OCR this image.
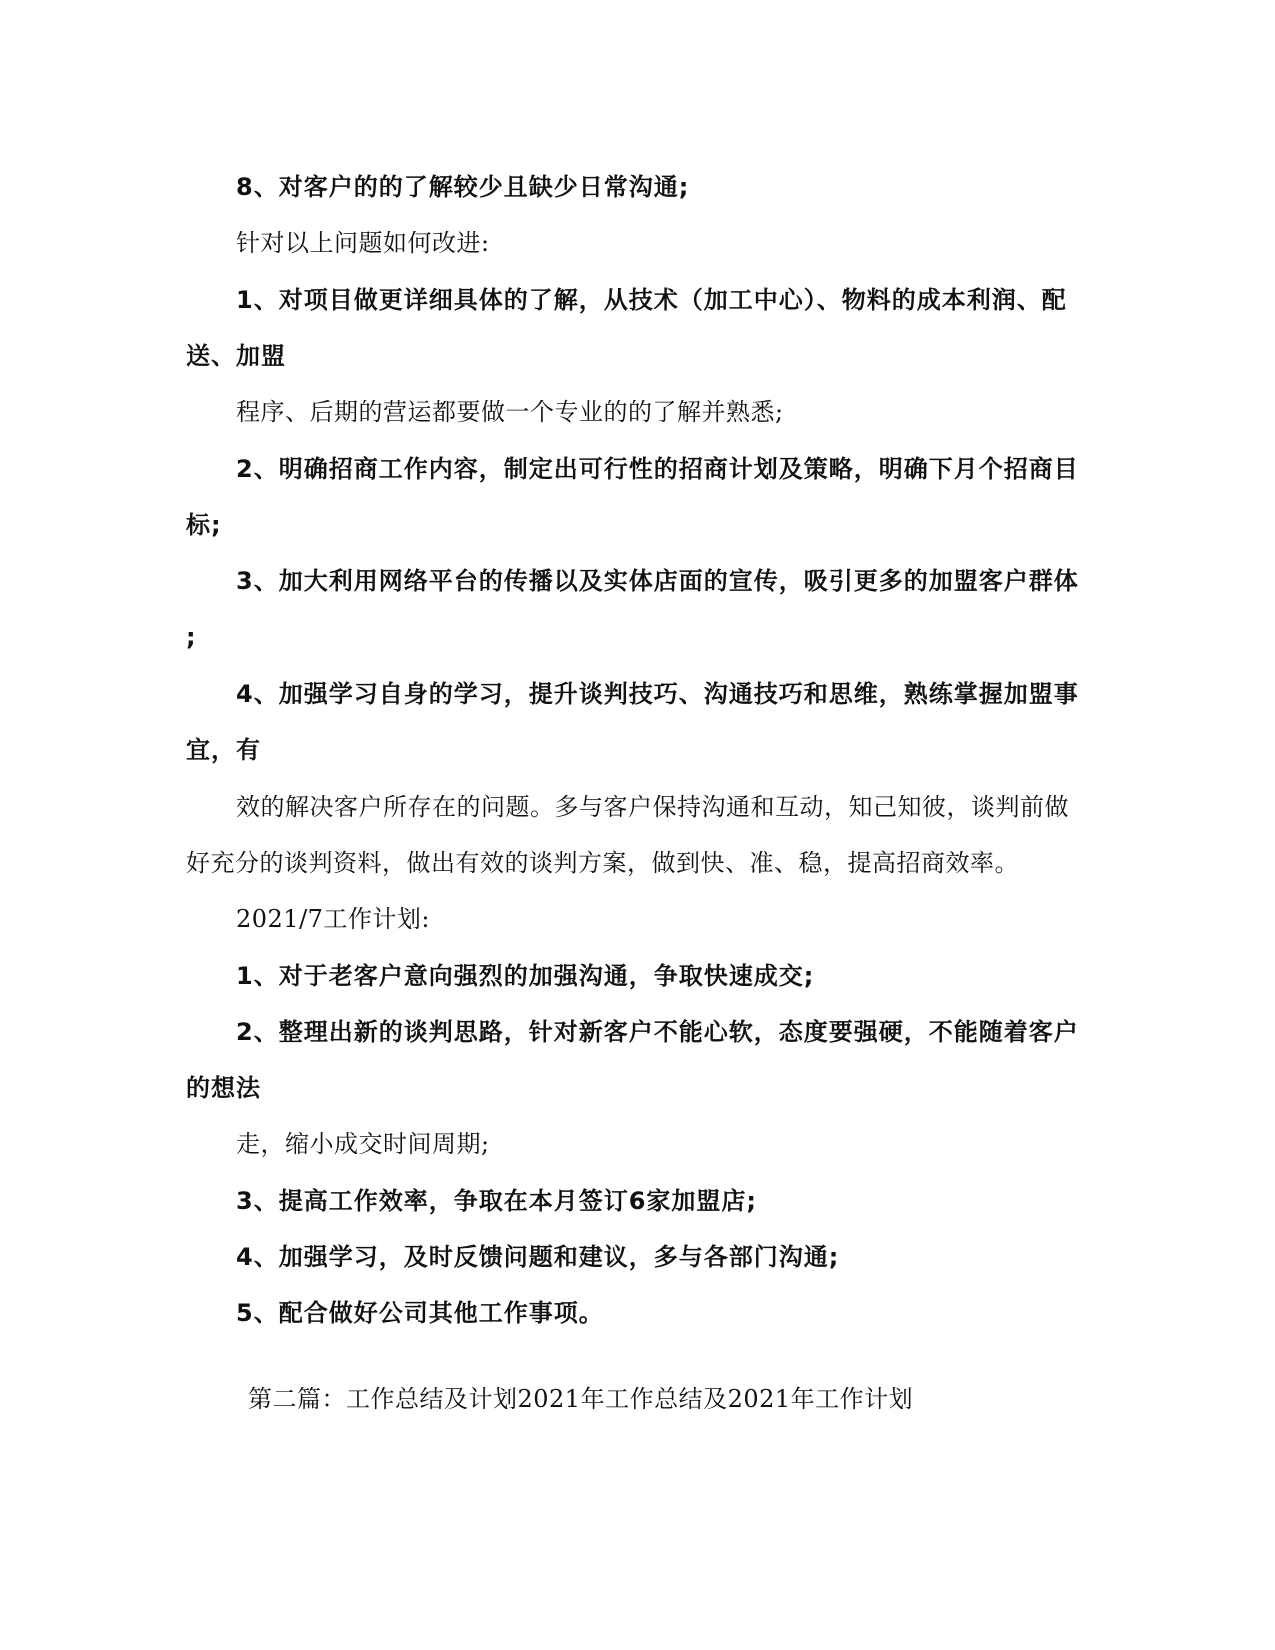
8、对客户的的了解较少且缺少日常沟通;
针对以上问题如何改进:
1、对项目做更详细具体的了解，从技术（加工中心）、物料的成本利润、配
送、加盟
程序、后期的营运都要做一个专业的的了解并熟悉;
2、明确招商工作内容，制定出可行性的招商计划及策略，明确下月个招商目
标;
3、加大利用网络平台的传播以及实体店面的宣传，吸引更多的加盟客户群体
;
4、加强学习自身的学习，提升谈判技巧、沟通技巧和思维，熟练掌握加盟事
宜，有
效的解决客户所存在的问题。多与客户保持沟通和互动，知己知彼，谈判前做
好充分的谈判资料，做出有效的谈判方案，做到快、准、稳，提高招商效率。
2021/7工作计划:
1、对于老客户意向强烈的加强沟通，争取快速成交;
2、整理出新的谈判思路，针对新客户不能心软，态度要强硬，不能随着客户
的想法
走，缩小成交时间周期;
3、提高工作效率，争取在本月签订6家加盟店;
4、加强学习，及时反馈问题和建议，多与各部门沟通;
5、配合做好公司其他工作事项。
第二篇：工作总结及计划2021年工作总结及2021年工作计划
